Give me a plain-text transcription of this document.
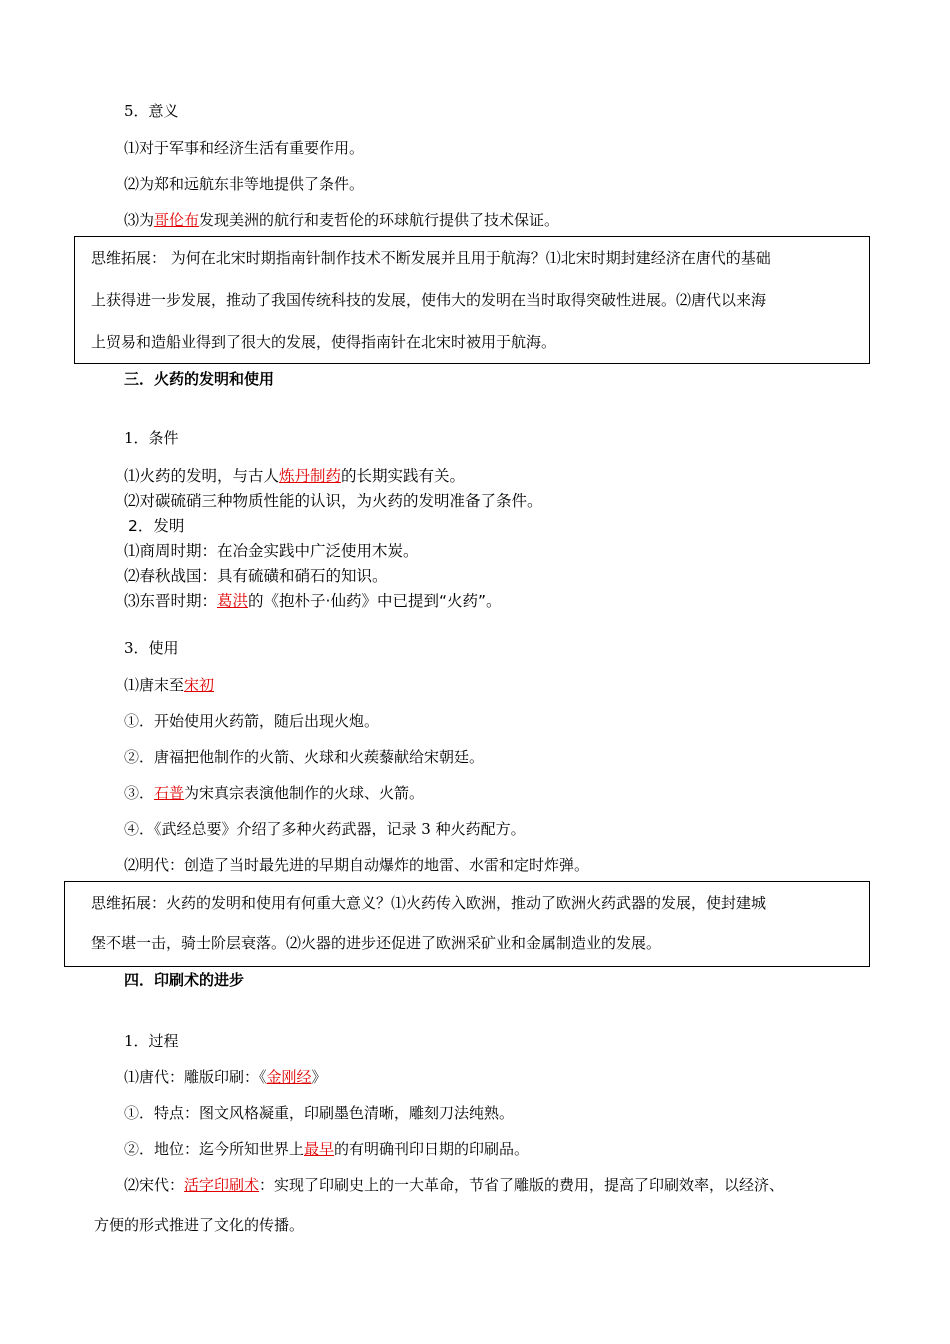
5．意义
⑴对于军事和经济生活有重要作用。
⑵为郑和远航东非等地提供了条件。
⑶为哥伦布发现美洲的航行和麦哲伦的环球航行提供了技术保证。

思维拓展： 为何在北宋时期指南针制作技术不断发展并且用于航海？⑴北宋时期封建经济在唐代的基础

上获得进一步发展，推动了我国传统科技的发展，使伟大的发明在当时取得突破性进展。⑵唐代以来海

上贸易和造船业得到了很大的发展，使得指南针在北宋时被用于航海。

三．火药的发明和使用
1．条件
⑴火药的发明，与古人炼丹制药的长期实践有关。
⑵对碳硫硝三种物质性能的认识，为火药的发明准备了条件。
2．发明
⑴商周时期：在冶金实践中广泛使用木炭。
⑵春秋战国：具有硫磺和硝石的知识。
⑶东晋时期：葛洪的《抱朴子·仙药》中已提到“火药”。
3．使用
⑴唐末至宋初
①．开始使用火药箭，随后出现火炮。
②．唐福把他制作的火箭、火球和火蒺藜献给宋朝廷。
③．石普为宋真宗表演他制作的火球、火箭。
④．《武经总要》介绍了多种火药武器，记录 3 种火药配方。
⑵明代：创造了当时最先进的早期自动爆炸的地雷、水雷和定时炸弹。

思维拓展：火药的发明和使用有何重大意义？⑴火药传入欧洲，推动了欧洲火药武器的发展，使封建城

堡不堪一击，骑士阶层衰落。⑵火器的进步还促进了欧洲采矿业和金属制造业的发展。

四．印刷术的进步
1．过程
⑴唐代：雕版印刷：《金刚经》
①．特点：图文风格凝重，印刷墨色清晰，雕刻刀法纯熟。
②．地位：迄今所知世界上最早的有明确刊印日期的印刷品。
⑵宋代：活字印刷术：实现了印刷史上的一大革命，节省了雕版的费用，提高了印刷效率，以经济、
方便的形式推进了文化的传播。
